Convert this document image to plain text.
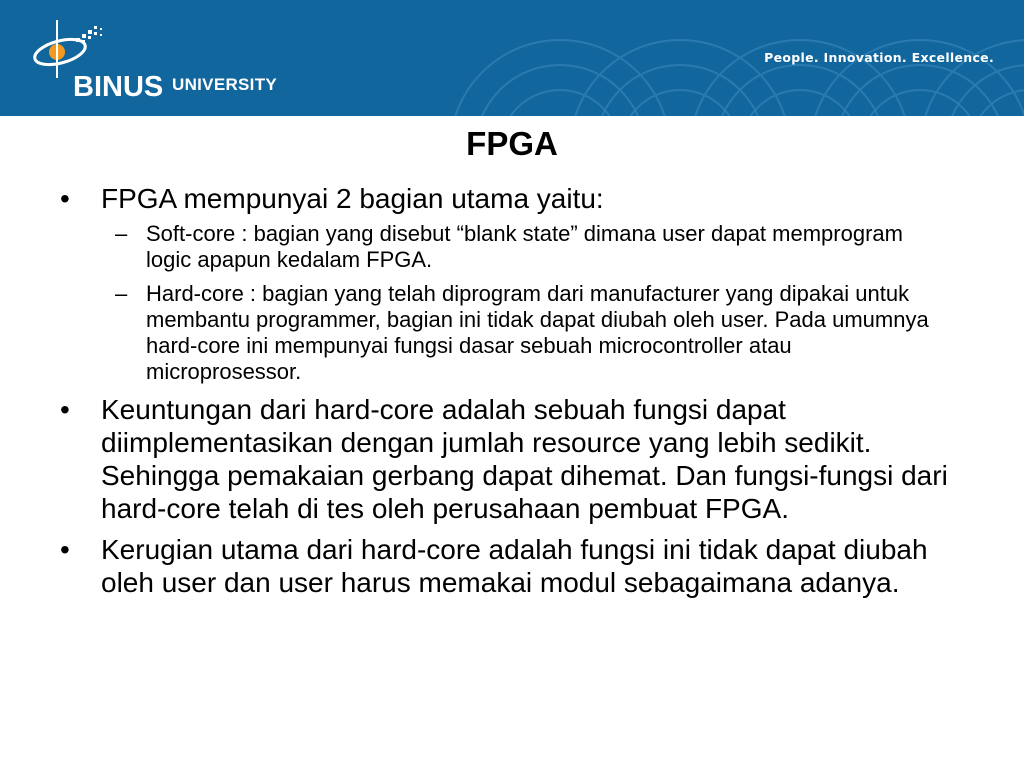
BINUS UNIVERSITY
People. Innovation. Excellence.
FPGA
• FPGA mempunyai 2 bagian utama yaitu:
– Soft-core : bagian yang disebut “blank state” dimana user dapat memprogram logic apapun kedalam FPGA.
– Hard-core : bagian yang telah diprogram dari manufacturer yang dipakai untuk membantu programmer, bagian ini tidak dapat diubah oleh user. Pada umumnya hard-core ini mempunyai fungsi dasar sebuah microcontroller atau microprosessor.
• Keuntungan dari hard-core adalah sebuah fungsi dapat diimplementasikan dengan jumlah resource yang lebih sedikit. Sehingga pemakaian gerbang dapat dihemat. Dan fungsi-fungsi dari hard-core telah di tes oleh perusahaan pembuat FPGA.
• Kerugian utama dari hard-core adalah fungsi ini tidak dapat diubah oleh user dan user harus memakai modul sebagaimana adanya.
